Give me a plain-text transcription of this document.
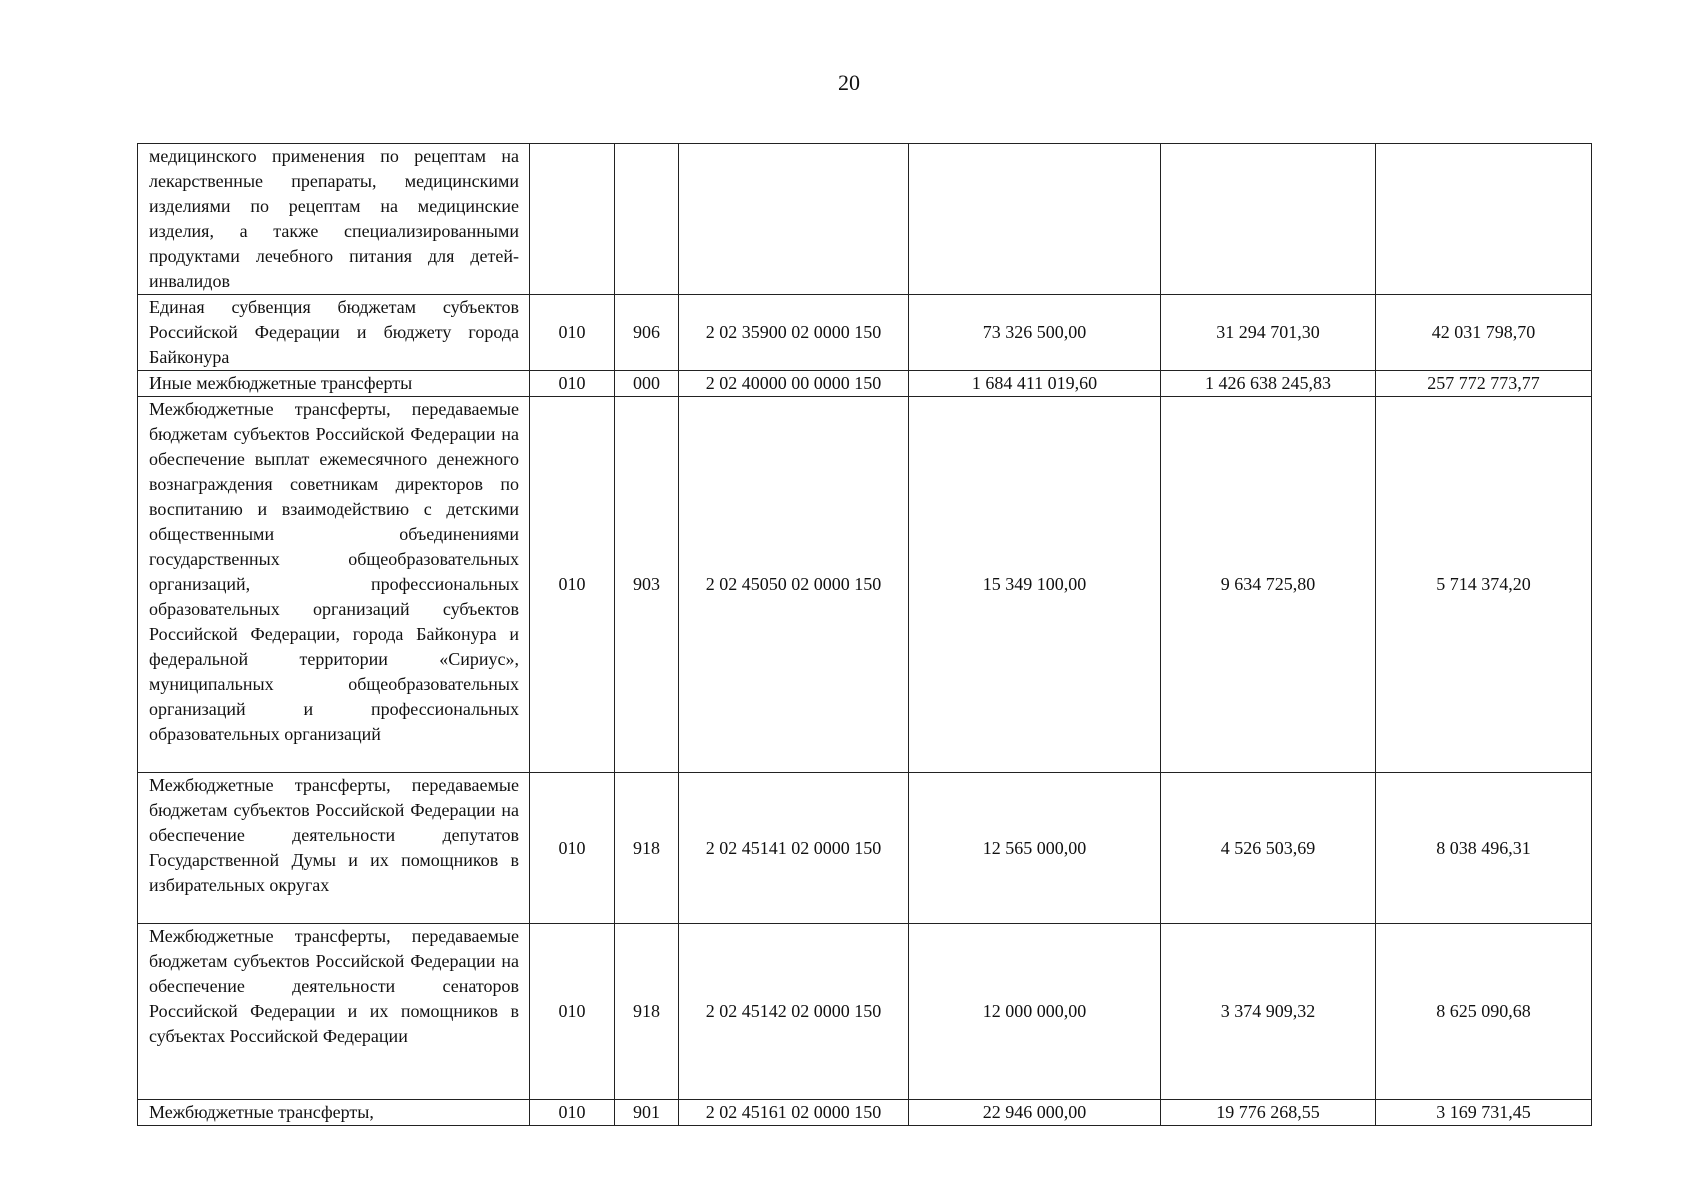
20
медицинского применения по рецептам на лекарственные препараты, медицинскими изделиями по рецептам на медицинские изделия, а также специализированными продуктами лечебного питания для детей-инвалидов						
Единая субвенция бюджетам субъектов Российской Федерации и бюджету города Байконура	010	906	2 02 35900 02 0000 150	73 326 500,00	31 294 701,30	42 031 798,70
Иные межбюджетные трансферты	010	000	2 02 40000 00 0000 150	1 684 411 019,60	1 426 638 245,83	257 772 773,77
Межбюджетные трансферты, передаваемые бюджетам субъектов Российской Федерации на обеспечение выплат ежемесячного денежного вознаграждения советникам директоров по воспитанию и взаимодействию с детскими общественными объединениями государственных общеобразовательных организаций, профессиональных образовательных организаций субъектов Российской Федерации, города Байконура и федеральной территории «Сириус», муниципальных общеобразовательных организаций и профессиональных образовательных организаций	010	903	2 02 45050 02 0000 150	15 349 100,00	9 634 725,80	5 714 374,20
Межбюджетные трансферты, передаваемые бюджетам субъектов Российской Федерации на обеспечение деятельности депутатов Государственной Думы и их помощников в избирательных округах	010	918	2 02 45141 02 0000 150	12 565 000,00	4 526 503,69	8 038 496,31
Межбюджетные трансферты, передаваемые бюджетам субъектов Российской Федерации на обеспечение деятельности сенаторов Российской Федерации и их помощников в субъектах Российской Федерации	010	918	2 02 45142 02 0000 150	12 000 000,00	3 374 909,32	8 625 090,68
Межбюджетные трансферты,	010	901	2 02 45161 02 0000 150	22 946 000,00	19 776 268,55	3 169 731,45
